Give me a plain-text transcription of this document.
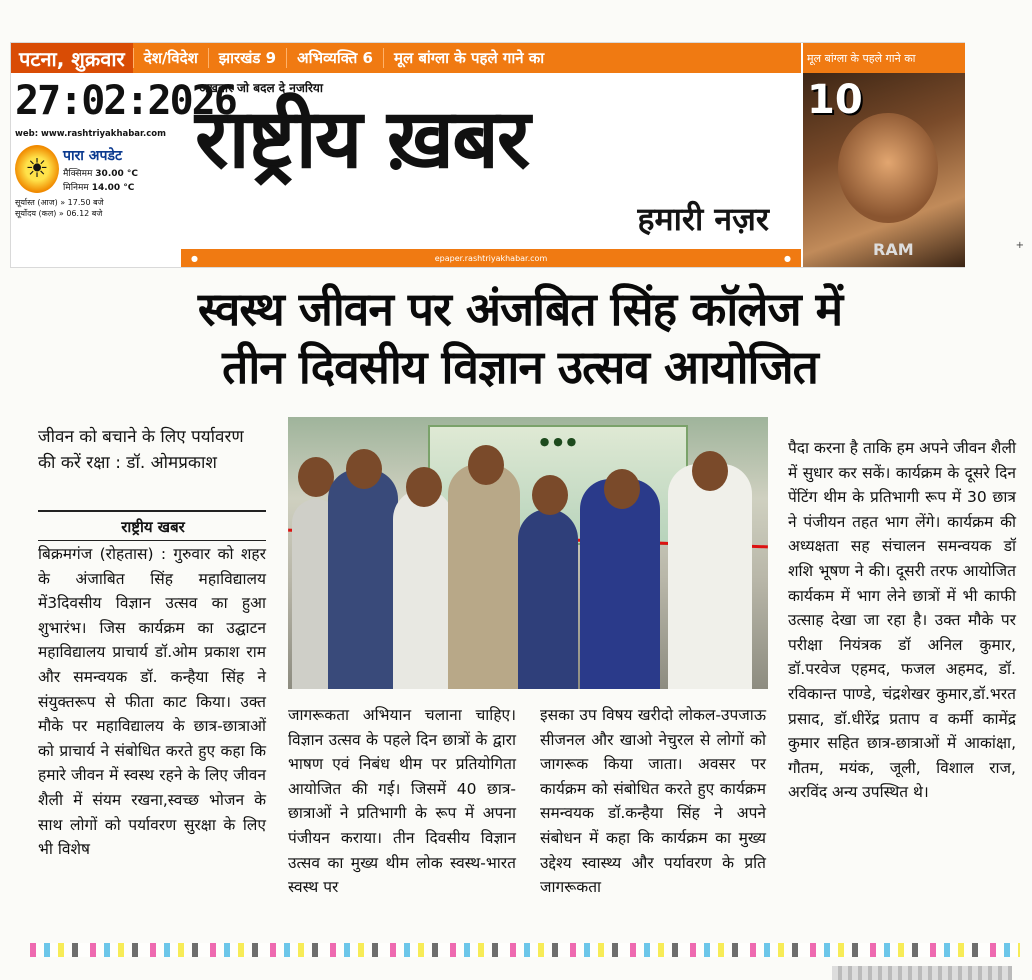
पटना, शुक्रवार	देश/विदेश	झारखंड 9	अभिव्यक्ति 6	मूल बांग्ला के पहले गाने का
27:02:2026
web: www.rashtriyakhabar.com
☀	पारा अपडेट
मैक्सिमम 30.00 °C
मिनिमम 14.00 °C
सूर्यास्त (आज) » 17.50 बजे
सूर्योदय (कल) » 06.12 बजे
अखबार जो बदल दे नजरिया
राष्ट्रीय ख़बर
हमारी नज़र
●	epaper.rashtriyakhabar.com	●
मूल बांग्ला के पहले गाने का
10
RAM	+
स्वस्थ जीवन पर अंजबित सिंह कॉलेज में
तीन दिवसीय विज्ञान उत्सव आयोजित
जीवन को बचाने के लिए पर्यावरण की करें रक्षा : डॉ. ओमप्रकाश
राष्ट्रीय खबर
बिक्रमगंज (रोहतास) : गुरुवार को शहर के अंजाबित सिंह महाविद्यालय में3दिवसीय विज्ञान उत्सव का हुआ शुभारंभ। जिस कार्यक्रम का उद्घाटन महाविद्यालय प्राचार्य डॉ.ओम प्रकाश राम और समन्वयक डॉ. कन्हैया सिंह ने संयुक्तरूप से फीता काट किया। उक्त मौके पर महाविद्यालय के छात्र-छात्राओं को प्राचार्य ने संबोधित करते हुए कहा कि हमारे जीवन में स्वस्थ रहने के लिए जीवन शैली में संयम रखना,स्वच्छ भोजन के साथ लोगों को पर्यावरण सुरक्षा के लिए भी विशेष
● ● ●
जागरूकता अभियान चलाना चाहिए। विज्ञान उत्सव के पहले दिन छात्रों के द्वारा भाषण एवं निबंध थीम पर प्रतियोगिता आयोजित की गई। जिसमें 40 छात्र-छात्राओं ने प्रतिभागी के रूप में अपना पंजीयन कराया। तीन दिवसीय विज्ञान उत्सव का मुख्य थीम लोक स्वस्थ-भारत स्वस्थ पर
इसका उप विषय खरीदो लोकल-उपजाऊ सीजनल और खाओ नेचुरल से लोगों को जागरूक किया जाता। अवसर पर कार्यक्रम को संबोधित करते हुए कार्यक्रम समन्वयक डॉ.कन्हैया सिंह ने अपने संबोधन में कहा कि कार्यक्रम का मुख्य उद्देश्य स्वास्थ्य और पर्यावरण के प्रति जागरूकता
पैदा करना है ताकि हम अपने जीवन शैली में सुधार कर सकें। कार्यक्रम के दूसरे दिन पेंटिंग थीम के प्रतिभागी रूप में 30 छात्र ने पंजीयन तहत भाग लेंगे। कार्यक्रम की अध्यक्षता सह संचालन समन्वयक डॉ शशि भूषण ने की। दूसरी तरफ आयोजित कार्यकम में भाग लेने छात्रों में भी काफी उत्साह देखा जा रहा है। उक्त मौके पर परीक्षा नियंत्रक डॉ अनिल कुमार, डॉ.परवेज एहमद, फजल अहमद, डॉ. रविकान्त पाण्डे, चंद्रशेखर कुमार,डॉ.भरत प्रसाद, डॉ.धीरेंद्र प्रताप व कर्मी कामेंद्र कुमार सहित छात्र-छात्राओं में आकांक्षा, गौतम, मयंक, जूली, विशाल राज, अरविंद अन्य उपस्थित थे।
